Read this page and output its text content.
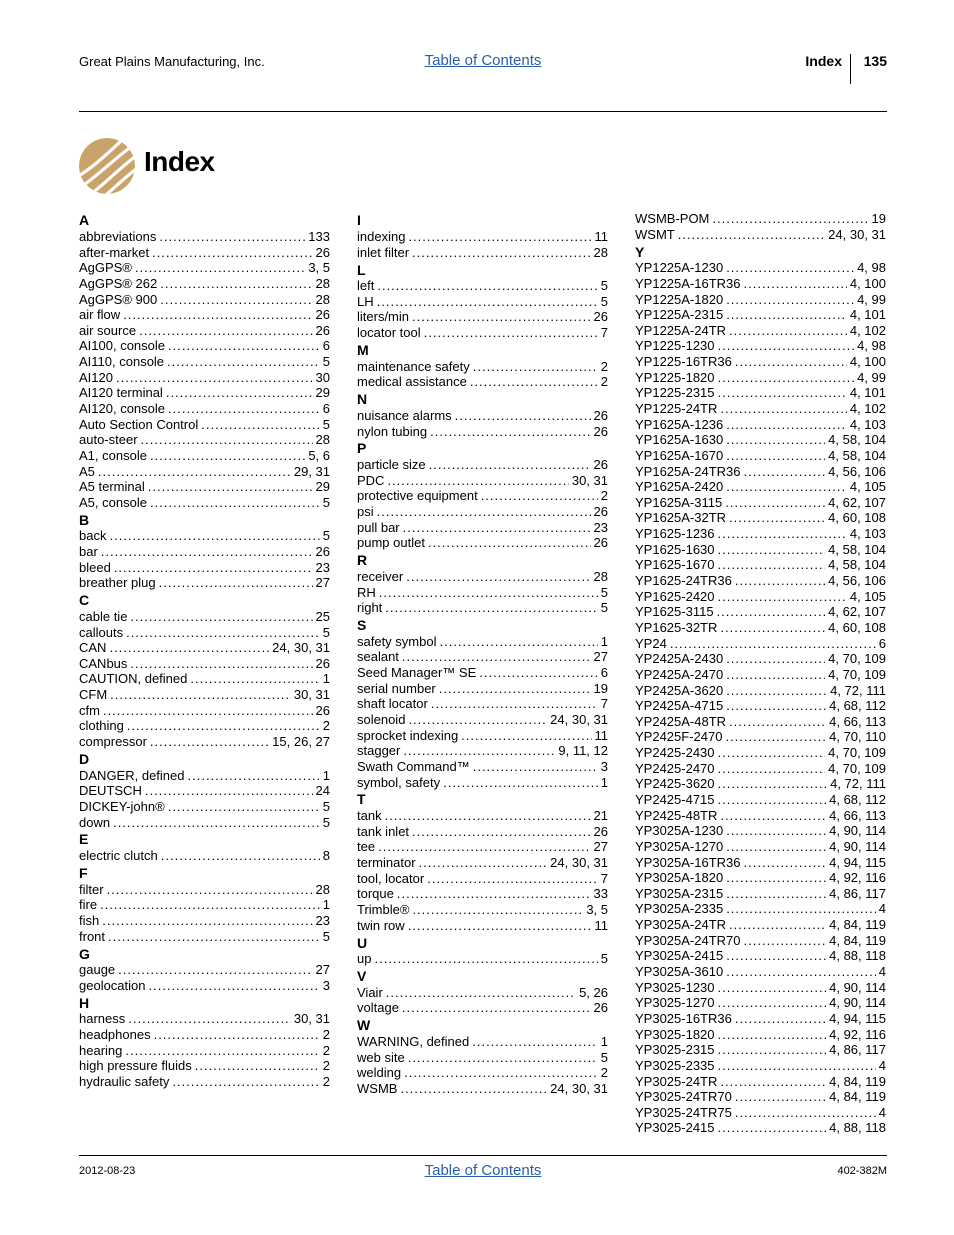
Great Plains Manufacturing, Inc.	Table of Contents	Index 135
Index
A
abbreviations .....	133
after-market .....	26
AgGPS® .....	3, 5
AgGPS® 262 .....	28
AgGPS® 900 .....	28
air flow .....	26
air source .....	26
AI100, console .....	6
AI110, console .....	5
AI120 .....	30
AI120 terminal .....	29
AI120, console .....	6
Auto Section Control .....	5
auto-steer .....	28
A1, console .....	5, 6
A5 .....	29, 31
A5 terminal .....	29
A5, console .....	5
B
back .....	5
bar .....	26
bleed .....	23
breather plug .....	27
C
cable tie .....	25
callouts .....	5
CAN .....	24, 30, 31
CANbus .....	26
CAUTION, defined .....	1
CFM .....	30, 31
cfm .....	26
clothing .....	2
compressor .....	15, 26, 27
D
DANGER, defined .....	1
DEUTSCH .....	24
DICKEY-john® .....	5
down .....	5
E
electric clutch .....	8
F
filter .....	28
fire .....	1
fish .....	23
front .....	5
G
gauge .....	27
geolocation .....	3
H
harness .....	30, 31
headphones .....	2
hearing .....	2
high pressure fluids .....	2
hydraulic safety .....	2
I
indexing .....	11
inlet filter .....	28
L
left .....	5
LH .....	5
liters/min .....	26
locator tool .....	7
M
maintenance safety .....	2
medical assistance .....	2
N
nuisance alarms .....	26
nylon tubing .....	26
P
particle size .....	26
PDC .....	30, 31
protective equipment .....	2
psi .....	26
pull bar .....	23
pump outlet .....	26
R
receiver .....	28
RH .....	5
right .....	5
S
safety symbol .....	1
sealant .....	27
Seed Manager™ SE .....	6
serial number .....	19
shaft locator .....	7
solenoid .....	24, 30, 31
sprocket indexing .....	11
stagger .....	9, 11, 12
Swath Command™ .....	3
symbol, safety .....	1
T
tank .....	21
tank inlet .....	26
tee .....	27
terminator .....	24, 30, 31
tool, locator .....	7
torque .....	33
Trimble® .....	3, 5
twin row .....	11
U
up .....	5
V
Viair .....	5, 26
voltage .....	26
W
WARNING, defined .....	1
web site .....	5
welding .....	2
WSMB .....	24, 30, 31
WSMB-POM .....	19
WSMT .....	24, 30, 31
Y
YP1225A-1230 .....	4, 98
YP1225A-16TR36 .....	4, 100
YP1225A-1820 .....	4, 99
YP1225A-2315 .....	4, 101
YP1225A-24TR .....	4, 102
YP1225-1230 .....	4, 98
YP1225-16TR36 .....	4, 100
YP1225-1820 .....	4, 99
YP1225-2315 .....	4, 101
YP1225-24TR .....	4, 102
YP1625A-1236 .....	4, 103
YP1625A-1630 .....	4, 58, 104
YP1625A-1670 .....	4, 58, 104
YP1625A-24TR36 .....	4, 56, 106
YP1625A-2420 .....	4, 105
YP1625A-3115 .....	4, 62, 107
YP1625A-32TR .....	4, 60, 108
YP1625-1236 .....	4, 103
YP1625-1630 .....	4, 58, 104
YP1625-1670 .....	4, 58, 104
YP1625-24TR36 .....	4, 56, 106
YP1625-2420 .....	4, 105
YP1625-3115 .....	4, 62, 107
YP1625-32TR .....	4, 60, 108
YP24 .....	6
YP2425A-2430 .....	4, 70, 109
YP2425A-2470 .....	4, 70, 109
YP2425A-3620 .....	4, 72, 111
YP2425A-4715 .....	4, 68, 112
YP2425A-48TR .....	4, 66, 113
YP2425F-2470 .....	4, 70, 110
YP2425-2430 .....	4, 70, 109
YP2425-2470 .....	4, 70, 109
YP2425-3620 .....	4, 72, 111
YP2425-4715 .....	4, 68, 112
YP2425-48TR .....	4, 66, 113
YP3025A-1230 .....	4, 90, 114
YP3025A-1270 .....	4, 90, 114
YP3025A-16TR36 .....	4, 94, 115
YP3025A-1820 .....	4, 92, 116
YP3025A-2315 .....	4, 86, 117
YP3025A-2335 .....	4
YP3025A-24TR .....	4, 84, 119
YP3025A-24TR70 .....	4, 84, 119
YP3025A-2415 .....	4, 88, 118
YP3025A-3610 .....	4
YP3025-1230 .....	4, 90, 114
YP3025-1270 .....	4, 90, 114
YP3025-16TR36 .....	4, 94, 115
YP3025-1820 .....	4, 92, 116
YP3025-2315 .....	4, 86, 117
YP3025-2335 .....	4
YP3025-24TR .....	4, 84, 119
YP3025-24TR70 .....	4, 84, 119
YP3025-24TR75 .....	4
YP3025-2415 .....	4, 88, 118
2012-08-23	Table of Contents	402-382M
